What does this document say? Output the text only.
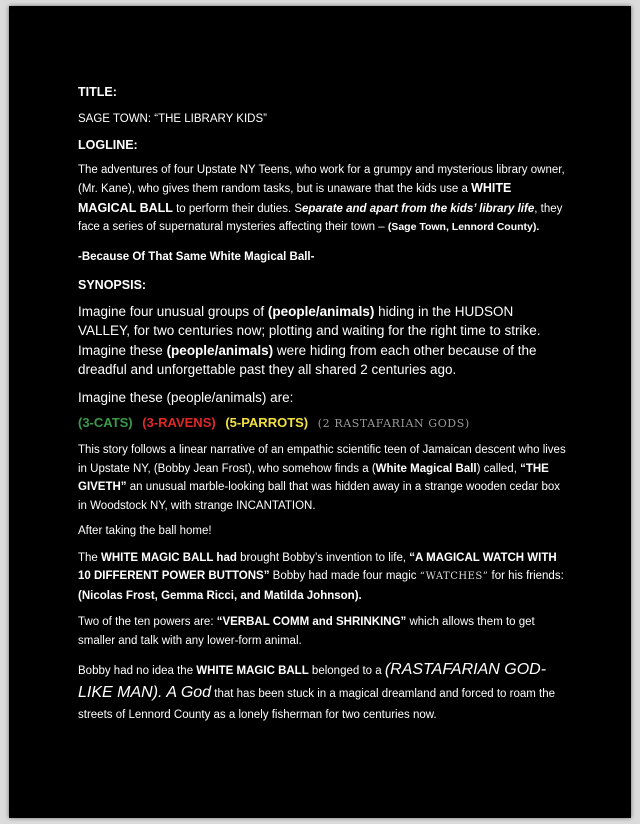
TITLE:

SAGE TOWN: “THE LIBRARY KIDS”

LOGLINE:

The adventures of four Upstate NY Teens, who work for a grumpy and mysterious library owner, (Mr. Kane), who gives them random tasks, but is unaware that the kids use a WHITE MAGICAL BALL to perform their duties. Separate and apart from the kids’ library life, they face a series of supernatural mysteries affecting their town – (Sage Town, Lennord County).

-Because Of That Same White Magical Ball-

SYNOPSIS:

Imagine four unusual groups of (people/animals) hiding in the HUDSON VALLEY, for two centuries now; plotting and waiting for the right time to strike. Imagine these (people/animals) were hiding from each other because of the dreadful and unforgettable past they all shared 2 centuries ago.

Imagine these (people/animals) are:

(3-CATS) (3-RAVENS) (5-PARROTS) (2 RASTAFARIAN GODS)

This story follows a linear narrative of an empathic scientific teen of Jamaican descent who lives in Upstate NY, (Bobby Jean Frost), who somehow finds a (White Magical Ball) called, “THE GIVETH” an unusual marble-looking ball that was hidden away in a strange wooden cedar box in Woodstock NY, with strange INCANTATION.

After taking the ball home!

The WHITE MAGIC BALL had brought Bobby’s invention to life, “A MAGICAL WATCH WITH 10 DIFFERENT POWER BUTTONS” Bobby had made four magic “WATCHES” for his friends: (Nicolas Frost, Gemma Ricci, and Matilda Johnson).

Two of the ten powers are: “VERBAL COMM and SHRINKING” which allows them to get smaller and talk with any lower-form animal.

Bobby had no idea the WHITE MAGIC BALL belonged to a (RASTAFARIAN GOD-LIKE MAN). A God that has been stuck in a magical dreamland and forced to roam the streets of Lennord County as a lonely fisherman for two centuries now.
